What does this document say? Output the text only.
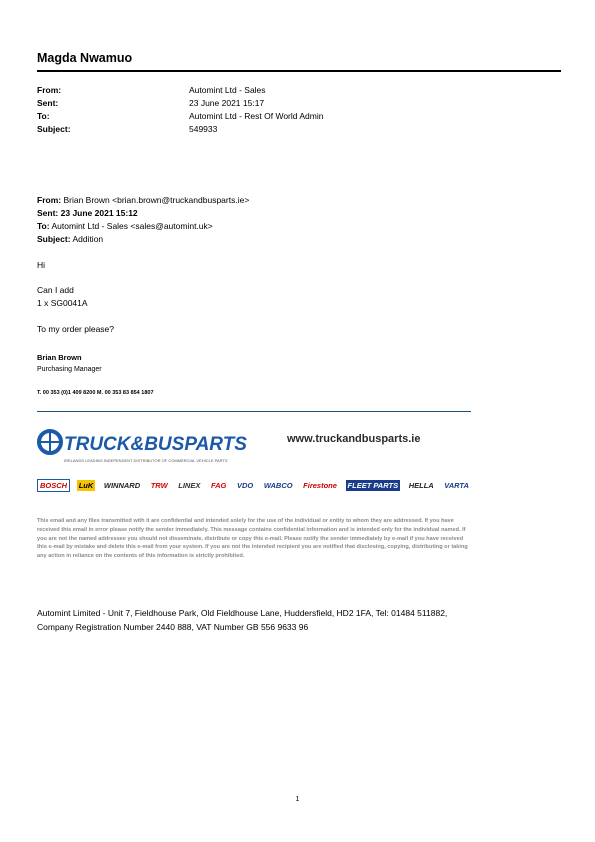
Magda Nwamuo
From:	Automint Ltd - Sales
Sent:	23 June 2021 15:17
To:	Automint Ltd - Rest Of World Admin
Subject:	549933
From: Brian Brown <brian.brown@truckandbusparts.ie>
Sent: 23 June 2021 15:12
To: Automint Ltd - Sales <sales@automint.uk>
Subject: Addition
Hi
Can I add
1 x SG0041A
To my order please?
Brian Brown
Purchasing Manager
T. 00 353 (0)1 409 8200 M. 00 353 83 854 1807
TRUCK&BUSPARTS
IRELANDS LEADING INDEPENDENT DISTRIBUTOR OF COMMERCIAL VEHICLE PARTS
www.truckandbusparts.ie
BOSCH	LuK WINNARD TRW LINEX FAG VDO WABCO Firestone FLEET PARTS HELLA VARTA
This email and any files transmitted with it are confidential and intended solely for the use of the individual or entity to whom they are addressed. If you have received this email in error please notify the sender immediately. This message contains confidential information and is intended only for the individual named. If you are not the named addressee you should not disseminate, distribute or copy this e-mail. Please notify the sender immediately by e-mail if you have received this e-mail by mistake and delete this e-mail from your system. If you are not the intended recipient you are notified that disclosing, copying, distributing or taking any action in reliance on the contents of this information is strictly prohibited.
Automint Limited - Unit 7, Fieldhouse Park, Old Fieldhouse Lane, Huddersfield, HD2 1FA, Tel: 01484 511882,
Company Registration Number 2440 888, VAT Number GB 556 9633 96
1
